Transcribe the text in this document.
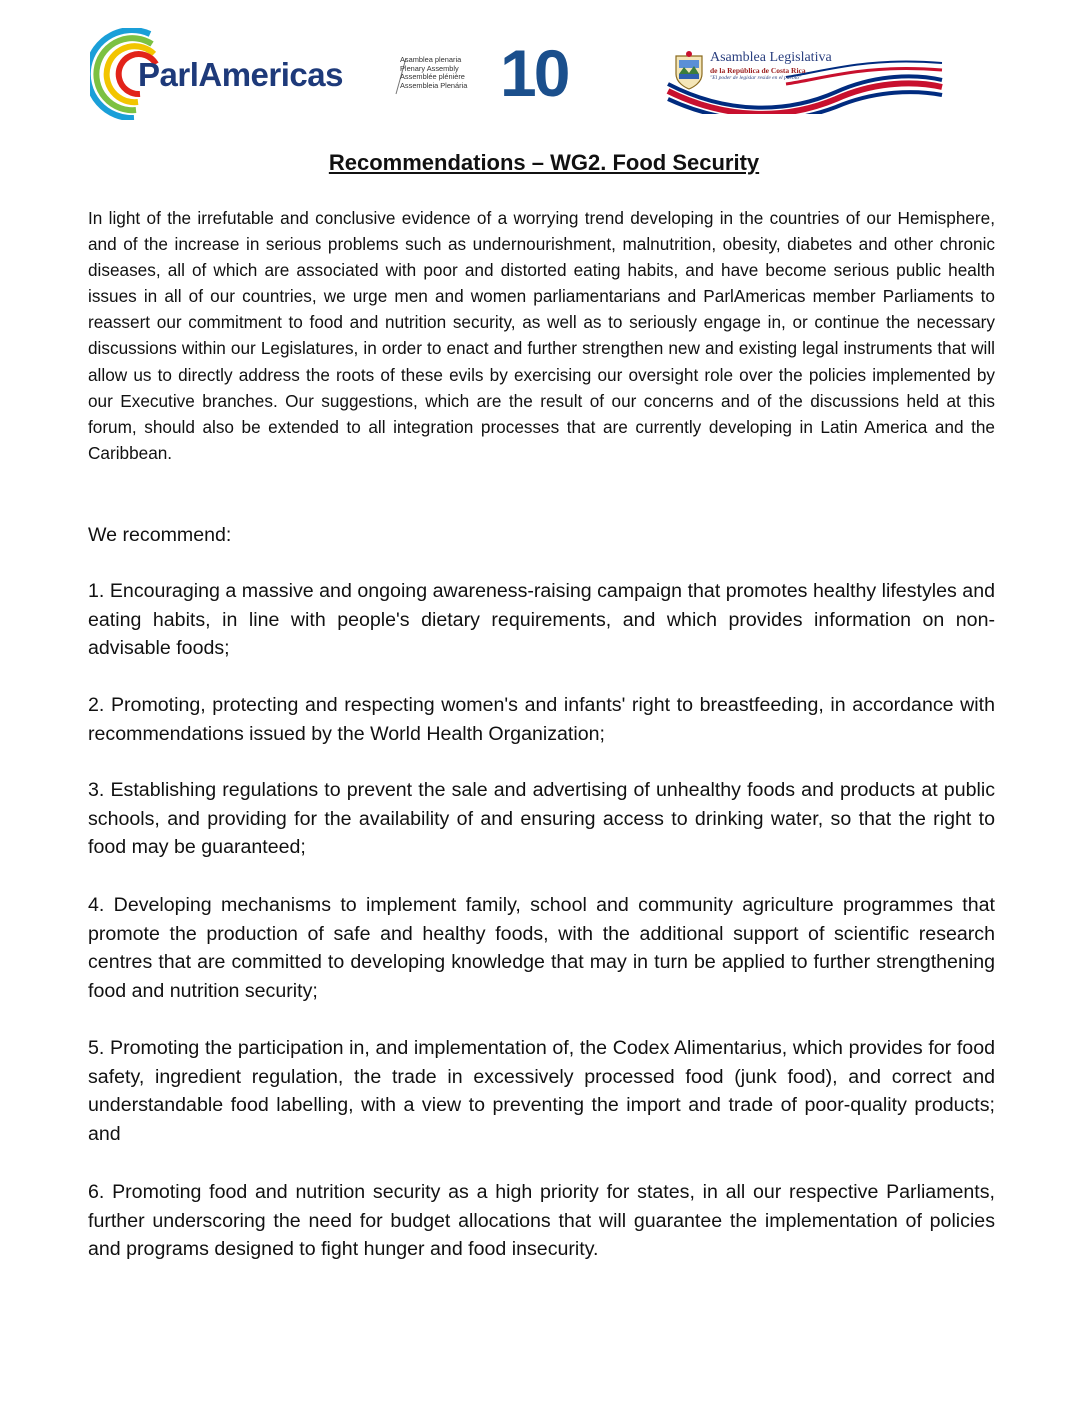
ParlAmericas	Asamblea plenaria
Plenary Assembly
Assemblée plénière
Assembleia Plenária 10	Asamblea Legislativa
de la República de Costa Rica
"El poder de legislar reside en el pueblo"
Recommendations – WG2. Food Security

In light of the irrefutable and conclusive evidence of a worrying trend developing in the countries of our Hemisphere, and of the increase in serious problems such as undernourishment, malnutrition, obesity, diabetes and other chronic diseases, all of which are associated with poor and distorted eating habits, and have become serious public health issues in all of our countries, we urge men and women parliamentarians and ParlAmericas member Parliaments to reassert our commitment to food and nutrition security, as well as to seriously engage in, or continue the necessary discussions within our Legislatures, in order to enact and further strengthen new and existing legal instruments that will allow us to directly address the roots of these evils by exercising our oversight role over the policies implemented by our Executive branches. Our suggestions, which are the result of our concerns and of the discussions held at this forum, should also be extended to all integration processes that are currently developing in Latin America and the Caribbean.

We recommend:

1. Encouraging a massive and ongoing awareness-raising campaign that promotes healthy lifestyles and eating habits, in line with people's dietary requirements, and which provides information on non-advisable foods;

2. Promoting, protecting and respecting women's and infants' right to breastfeeding, in accordance with recommendations issued by the World Health Organization;

3. Establishing regulations to prevent the sale and advertising of unhealthy foods and products at public schools, and providing for the availability of and ensuring access to drinking water, so that the right to food may be guaranteed;

4. Developing mechanisms to implement family, school and community agriculture programmes that promote the production of safe and healthy foods, with the additional support of scientific research centres that are committed to developing knowledge that may in turn be applied to further strengthening food and nutrition security;

5. Promoting the participation in, and implementation of, the Codex Alimentarius, which provides for food safety, ingredient regulation, the trade in excessively processed food (junk food), and correct and understandable food labelling, with a view to preventing the import and trade of poor-quality products; and

6. Promoting food and nutrition security as a high priority for states, in all our respective Parliaments, further underscoring the need for budget allocations that will guarantee the implementation of policies and programs designed to fight hunger and food insecurity.
